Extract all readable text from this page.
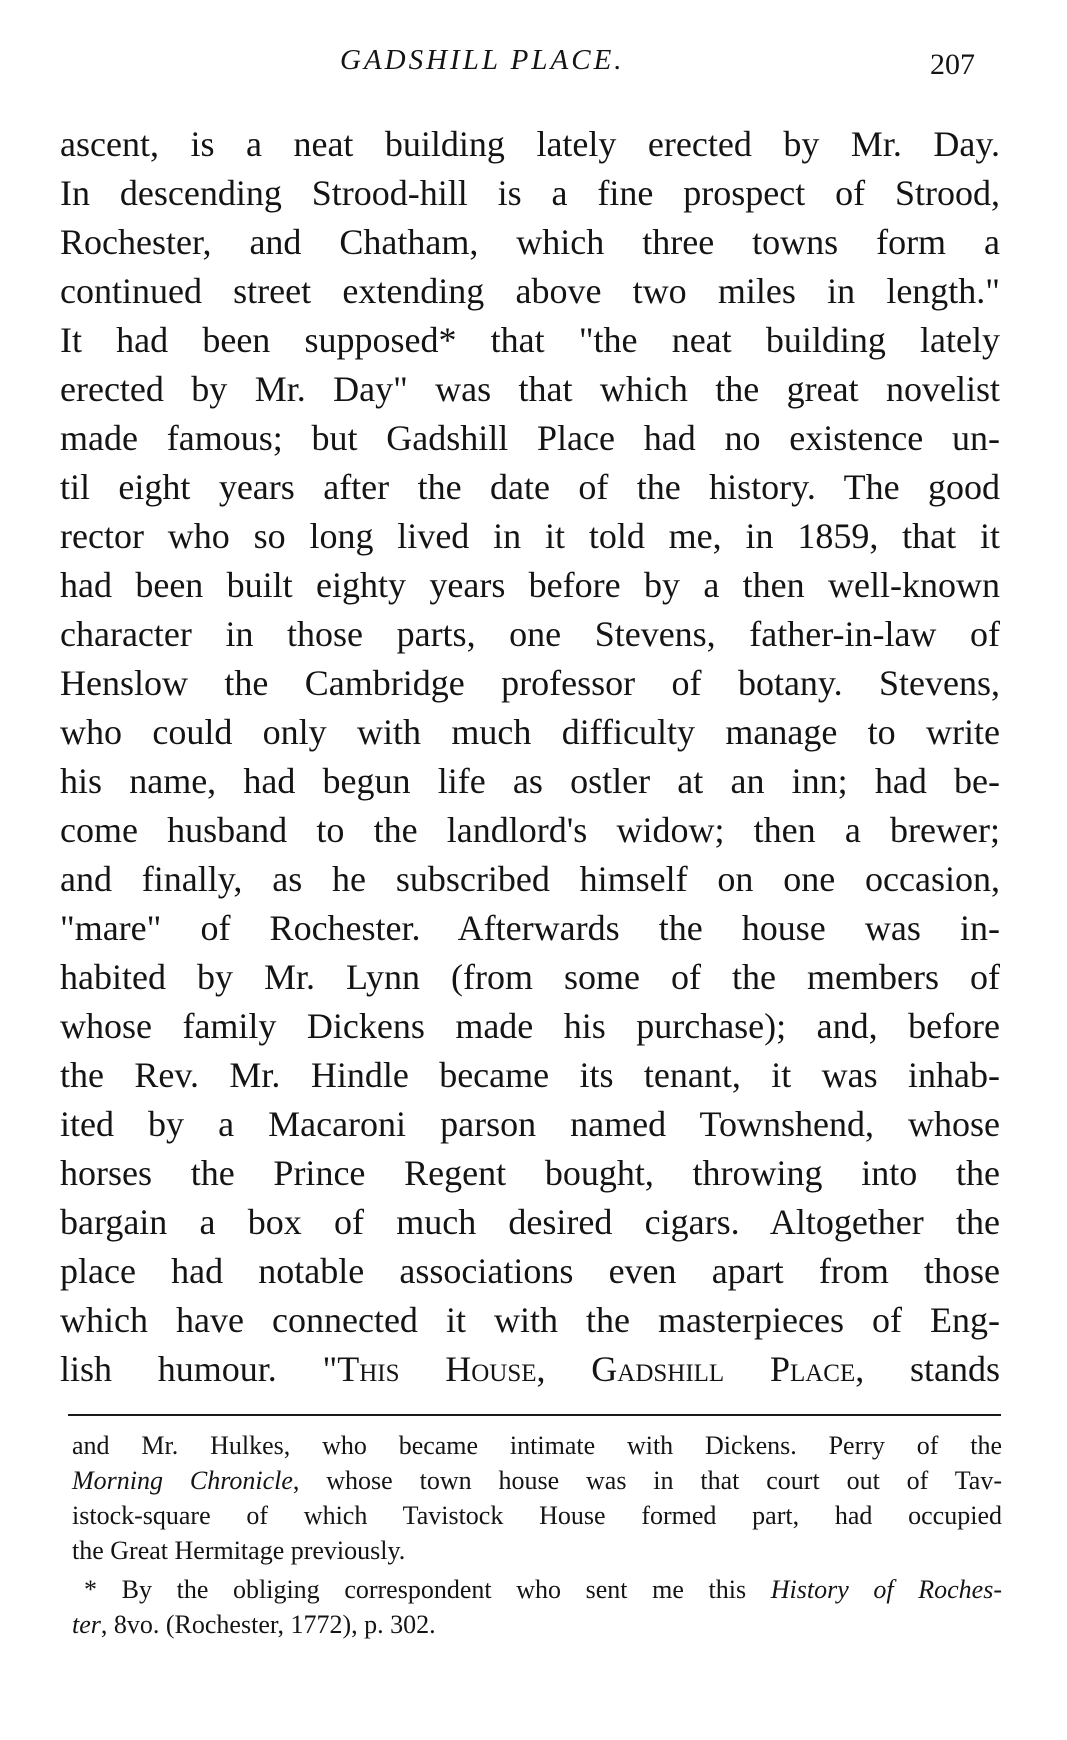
GADSHILL PLACE.	207
ascent, is a neat building lately erected by Mr. Day.
In descending Strood-hill is a fine prospect of Strood,
Rochester, and Chatham, which three towns form a
continued street extending above two miles in length."
It had been supposed* that "the neat building lately
erected by Mr. Day" was that which the great novelist
made famous; but Gadshill Place had no existence un-
til eight years after the date of the history. The good
rector who so long lived in it told me, in 1859, that it
had been built eighty years before by a then well-known
character in those parts, one Stevens, father-in-law of
Henslow the Cambridge professor of botany. Stevens,
who could only with much difficulty manage to write
his name, had begun life as ostler at an inn; had be-
come husband to the landlord's widow; then a brewer;
and finally, as he subscribed himself on one occasion,
"mare" of Rochester. Afterwards the house was in-
habited by Mr. Lynn (from some of the members of
whose family Dickens made his purchase); and, before
the Rev. Mr. Hindle became its tenant, it was inhab-
ited by a Macaroni parson named Townshend, whose
horses the Prince Regent bought, throwing into the
bargain a box of much desired cigars. Altogether the
place had notable associations even apart from those
which have connected it with the masterpieces of Eng-
lish humour. "This House, Gadshill Place, stands
and Mr. Hulkes, who became intimate with Dickens. Perry of the
Morning Chronicle, whose town house was in that court out of Tav-
istock-square of which Tavistock House formed part, had occupied
the Great Hermitage previously.
* By the obliging correspondent who sent me this History of Roches-
ter, 8vo. (Rochester, 1772), p. 302.
